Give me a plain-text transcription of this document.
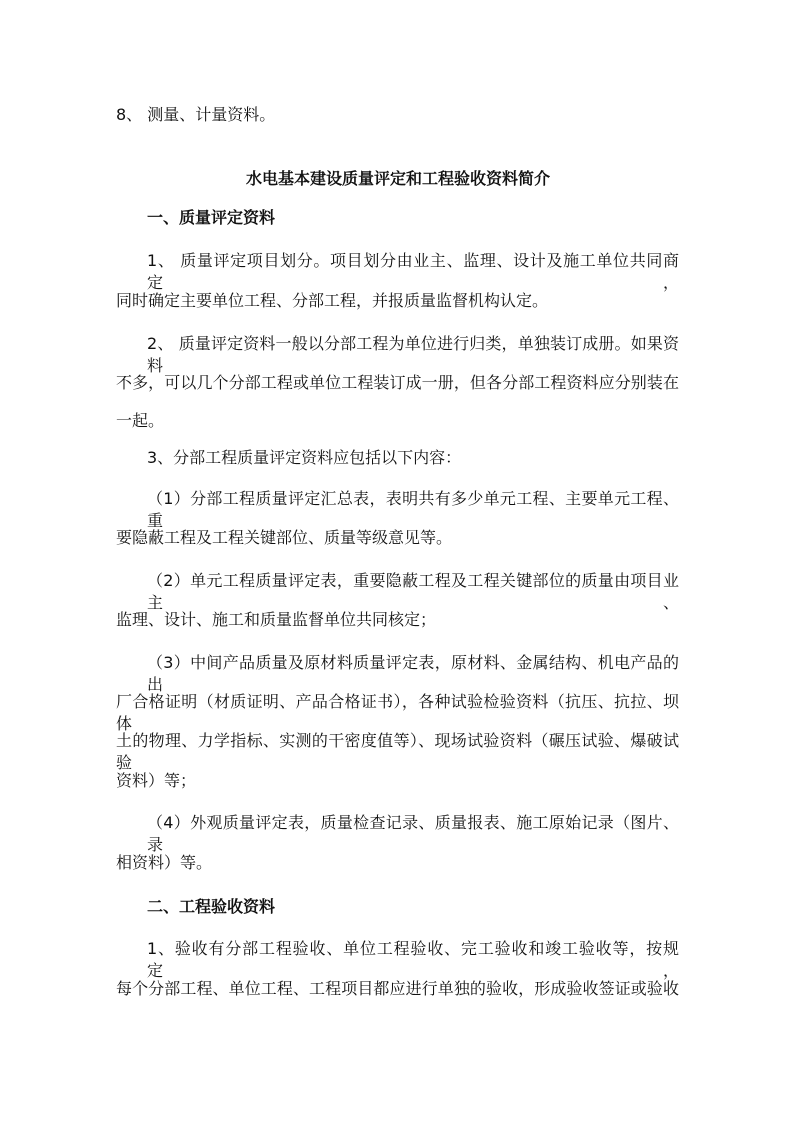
8、 测量、计量资料。
水电基本建设质量评定和工程验收资料简介
一、质量评定资料
1、 质量评定项目划分。项目划分由业主、监理、设计及施工单位共同商定，
同时确定主要单位工程、分部工程，并报质量监督机构认定。
2、 质量评定资料一般以分部工程为单位进行归类，单独装订成册。如果资料
不多，可以几个分部工程或单位工程装订成一册，但各分部工程资料应分别装在
一起。
3、分部工程质量评定资料应包括以下内容：
（1）分部工程质量评定汇总表，表明共有多少单元工程、主要单元工程、重
要隐蔽工程及工程关键部位、质量等级意见等。
（2）单元工程质量评定表，重要隐蔽工程及工程关键部位的质量由项目业主、
监理、设计、施工和质量监督单位共同核定；
（3）中间产品质量及原材料质量评定表，原材料、金属结构、机电产品的出
厂合格证明（材质证明、产品合格证书），各种试验检验资料（抗压、抗拉、坝体
土的物理、力学指标、实测的干密度值等）、现场试验资料（碾压试验、爆破试验
资料）等；
（4）外观质量评定表，质量检查记录、质量报表、施工原始记录（图片、录
相资料）等。
二、工程验收资料
1、验收有分部工程验收、单位工程验收、完工验收和竣工验收等，按规定，
每个分部工程、单位工程、工程项目都应进行单独的验收，形成验收签证或验收
